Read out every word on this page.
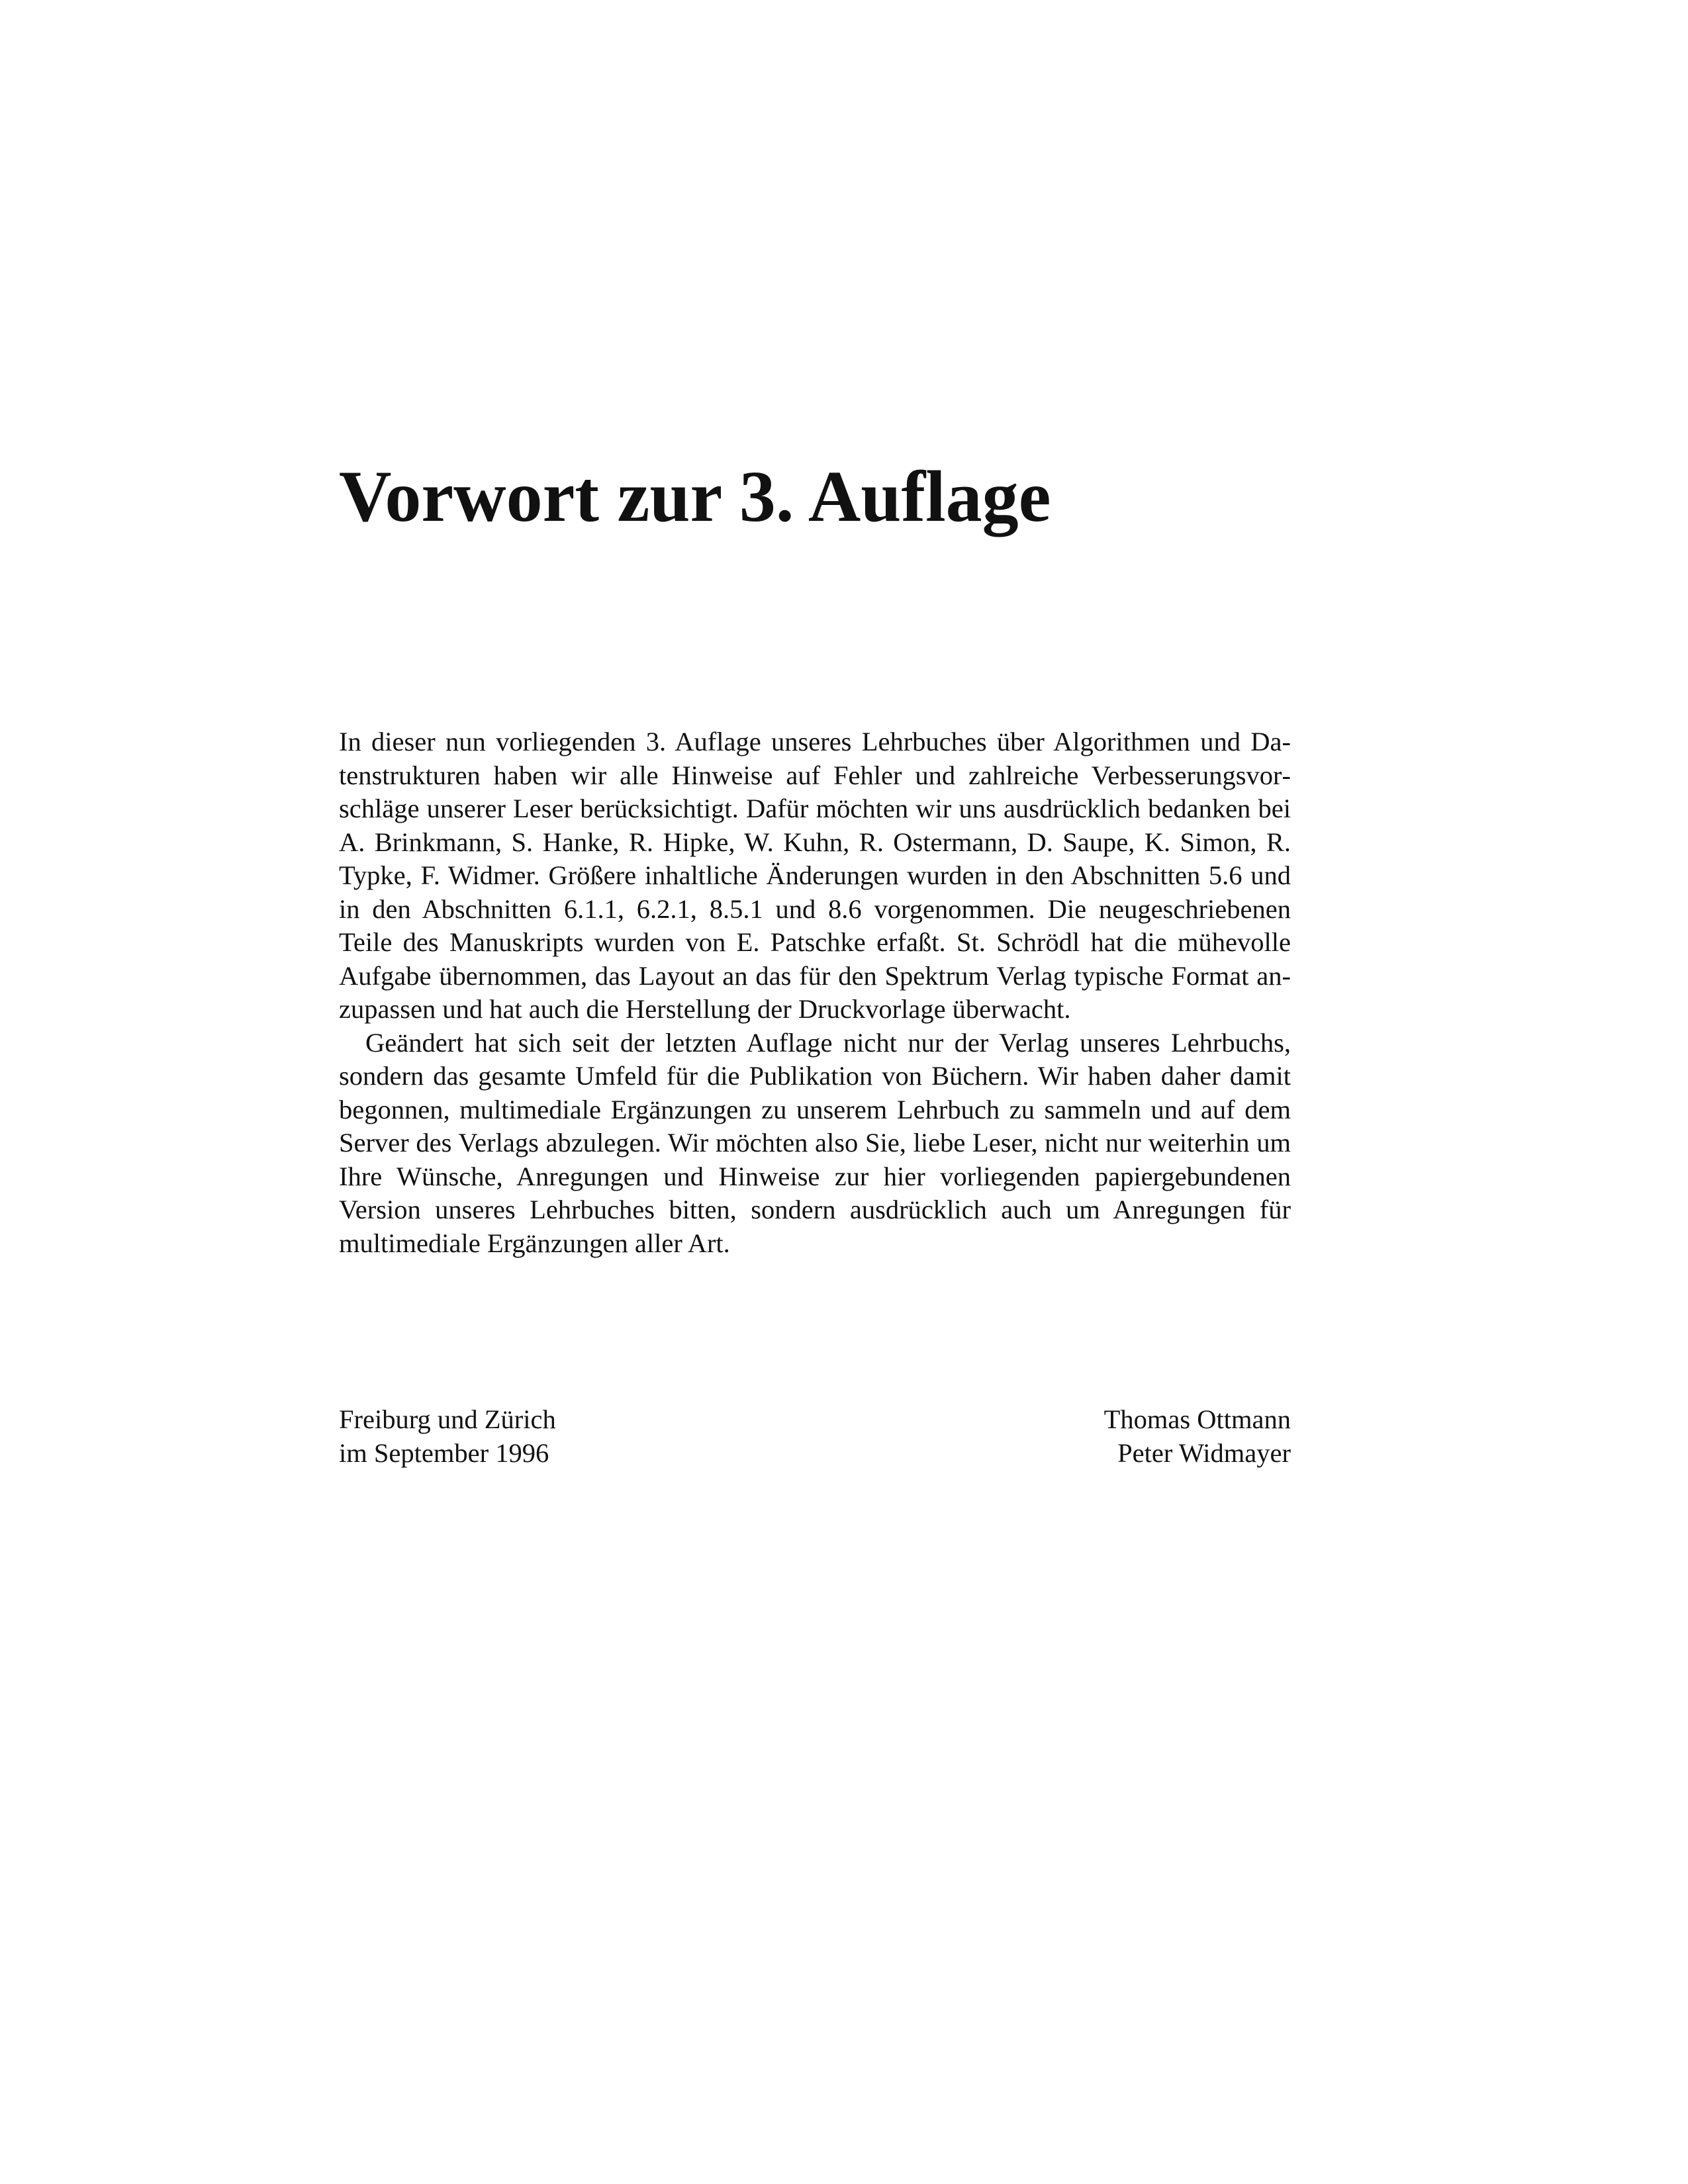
Vorwort zur 3. Auflage

In dieser nun vorliegenden 3. Auflage unseres Lehrbuches über Algorithmen und Datenstrukturen haben wir alle Hinweise auf Fehler und zahlreiche Verbesserungsvorschläge unserer Leser berücksichtigt. Dafür möchten wir uns ausdrücklich bedanken bei A. Brinkmann, S. Hanke, R. Hipke, W. Kuhn, R. Ostermann, D. Saupe, K. Simon, R. Typke, F. Widmer. Größere inhaltliche Änderungen wurden in den Abschnitten 5.6 und in den Abschnitten 6.1.1, 6.2.1, 8.5.1 und 8.6 vorgenommen. Die neugeschriebenen Teile des Manuskripts wurden von E. Patschke erfaßt. St. Schrödl hat die mühevolle Aufgabe übernommen, das Layout an das für den Spektrum Verlag typische Format anzupassen und hat auch die Herstellung der Druckvorlage überwacht.

Geändert hat sich seit der letzten Auflage nicht nur der Verlag unseres Lehrbuchs, sondern das gesamte Umfeld für die Publikation von Büchern. Wir haben daher damit begonnen, multimediale Ergänzungen zu unserem Lehrbuch zu sammeln und auf dem Server des Verlags abzulegen. Wir möchten also Sie, liebe Leser, nicht nur weiterhin um Ihre Wünsche, Anregungen und Hinweise zur hier vorliegenden papiergebundenen Version unseres Lehrbuches bitten, sondern ausdrücklich auch um Anregungen für multimediale Ergänzungen aller Art.

Freiburg und Zürich
im September 1996
Thomas Ottmann
Peter Widmayer
